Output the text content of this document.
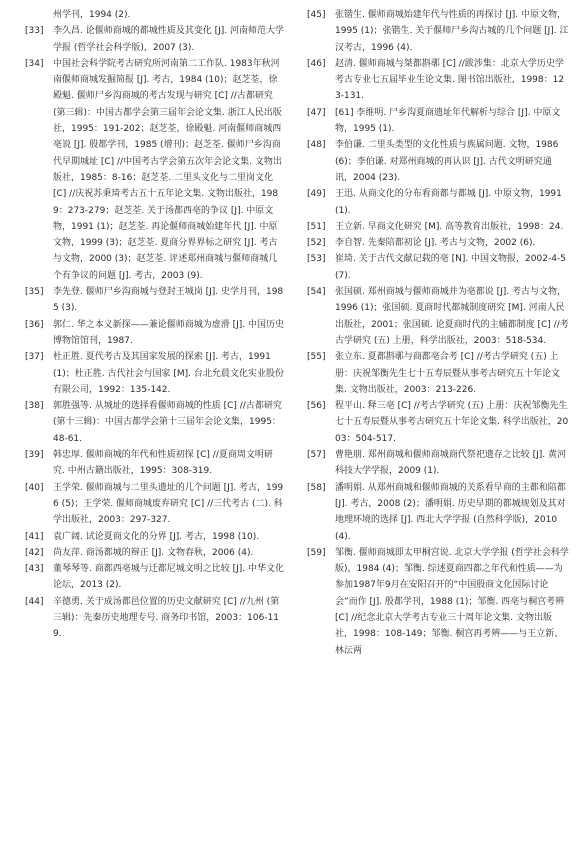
州学刊，1994 (2).
[33] 李久昌. 论偃师商城的都城性质及其变化 [J]. 河南师范大学学报 (哲学社会科学版)，2007 (3).
[34] 中国社会科学院考古研究所河南第二工作队. 1983年秋河南偃师商城发掘简报 [J]. 考古，1984 (10)；赵芝荃，徐殿魁. 偃师尸乡沟商城的考古发现与研究 [C] //古都研究 (第三辑)：中国古都学会第三届年会论文集. 浙江人民出版社，1995：191-202；赵芝荃，徐殿魁. 河南偃师商城西亳说 [J]. 殷都学刊，1985 (增刊)；赵芝荃. 偃师尸乡沟商代早期城址 [C] //中国考古学会第五次年会论文集. 文物出版社，1985：8-16；赵芝荃. 二里头文化与二里岗文化 [C] //庆祝苏秉琦考古五十五年论文集. 文物出版社，1989：273-279；赵芝荃. 关于汤都西亳的争议 [J]. 中原文物，1991 (1)；赵芝荃. 再论偃师商城始建年代 [J]. 中原文物，1999 (3)；赵芝荃. 夏商分界界标之研究 [J]. 考古与文物，2000 (3)；赵芝荃. 评述郑州商城与偃师商城几个有争议的问题 [J]. 考古，2003 (9).
[35] 李先登. 偃师尸乡沟商城与登封王城岗 [J]. 史学月刊，1985 (3).
[36] 郭仁. 华之本义新探——兼论偃师商城为虚滑 [J]. 中国历史博物馆馆刊，1987.
[37] 杜正胜. 夏代考古及其国家发展的探索 [J]. 考古，1991 (1)；杜正胜. 古代社会与国家 [M]. 台北允晨文化实业股份有限公司，1992：135-142.
[38] 郭胜强等. 从城址的选择看偃师商城的性质 [C] //古都研究 (第十三辑)：中国古都学会第十三届年会论文集，1995：48-61.
[39] 韩忠厚. 偃师商城的年代和性质初探 [C] //夏商周文明研究. 中州古籍出版社，1995：308-319.
[40] 王学荣. 偃师商城与二里头遗址的几个问题 [J]. 考古，1996 (5)；王学荣. 偃师商城废弃研究 [C] //三代考古 (二). 科学出版社，2003：297-327.
[41] 袁广阔. 试论夏商文化的分界 [J]. 考古，1998 (10).
[42] 尚友萍. 商汤都城的辩正 [J]. 文物春秋，2006 (4).
[43] 董琴琴等. 商都西亳城与迁都尼城文明之比较 [J]. 中华文化论坛，2013 (2).
[44] 辛德勇. 关于成汤都邑位置的历史文献研究 [C] //九州 (第三辑)：先秦历史地理专号. 商务印书馆，2003：106-119.
[45] 张锴生. 偃师商城始建年代与性质的再探讨 [J]. 中原文物，1995 (1)；张锴生. 关于偃师尸乡沟古城的几个问题 [J]. 江汉考古，1996 (4).
[46] 赵清. 偃师商城与桀都斟鄩 [C] //跋涉集：北京大学历史学考古专业七五届毕业生论文集. 图书馆出版社，1998：123-131.
[47] [61] 李维明. 尸乡沟夏商遗址年代解析与综合 [J]. 中原文物，1995 (1).
[48] 李伯谦. 二里头类型的文化性质与族属问题. 文物，1986 (6)；李伯谦. 对郑州商城的再认识 [J]. 古代文明研究通讯，2004 (23).
[49] 王迅. 从商文化的分布看商都与都城 [J]. 中原文物，1991 (1).
[51] 王立新. 早商文化研究 [M]. 高等教育出版社，1998：24.
[52] 李自智. 先秦陪都初论 [J]. 考古与文物，2002 (6).
[53] 崔琦. 关于古代文献记载的亳 [N]. 中国文物报，2002-4-5 (7).
[54] 张国硕. 郑州商城与偃师商城并为亳都说 [J]. 考古与文物，1996 (1)；张国硕. 夏商时代都城制度研究 [M]. 河南人民出版社，2001；张国硕. 论夏商时代的主辅都制度 [C] //考古学研究 (五) 上册，科学出版社，2003：518-534.
[55] 张立东. 夏都斟鄩与商都亳合考 [C] //考古学研究 (五) 上册：庆祝邹衡先生七十五寿辰暨从事考古研究五十年论文集. 文物出版社，2003：213-226.
[56] 程平山. 释三亳 [C] //考古学研究 (五) 上册：庆祝邹衡先生七十五寿辰暨从事考古研究五十年论文集. 科学出版社，2003：504-517.
[57] 曹艳朋. 郑州商城和偃师商城商代祭祀遗存之比较 [J]. 黄河科技大学学报，2009 (1).
[58] 潘明娟. 从郑州商城和偃师商城的关系看早商的主都和陪都 [J]. 考古，2008 (2)；潘明娟. 历史早期的都城规划及其对地理环境的选择 [J]. 西北大学学报 (自然科学版)，2010 (4).
[59] 邹衡. 偃师商城即太甲桐宫说. 北京大学学报 (哲学社会科学版)，1984 (4)；邹衡. 综述夏商四都之年代和性质——为参加1987年9月在安阳召开的“中国殷商文化国际讨论会”而作 [J]. 殷都学刊，1988 (1)；邹衡. 西亳与桐宫考辨 [C] //纪念北京大学考古专业三十周年论文集. 文物出版社，1998：108-149；邹衡. 桐宫再考辨——与王立新、林沄两
